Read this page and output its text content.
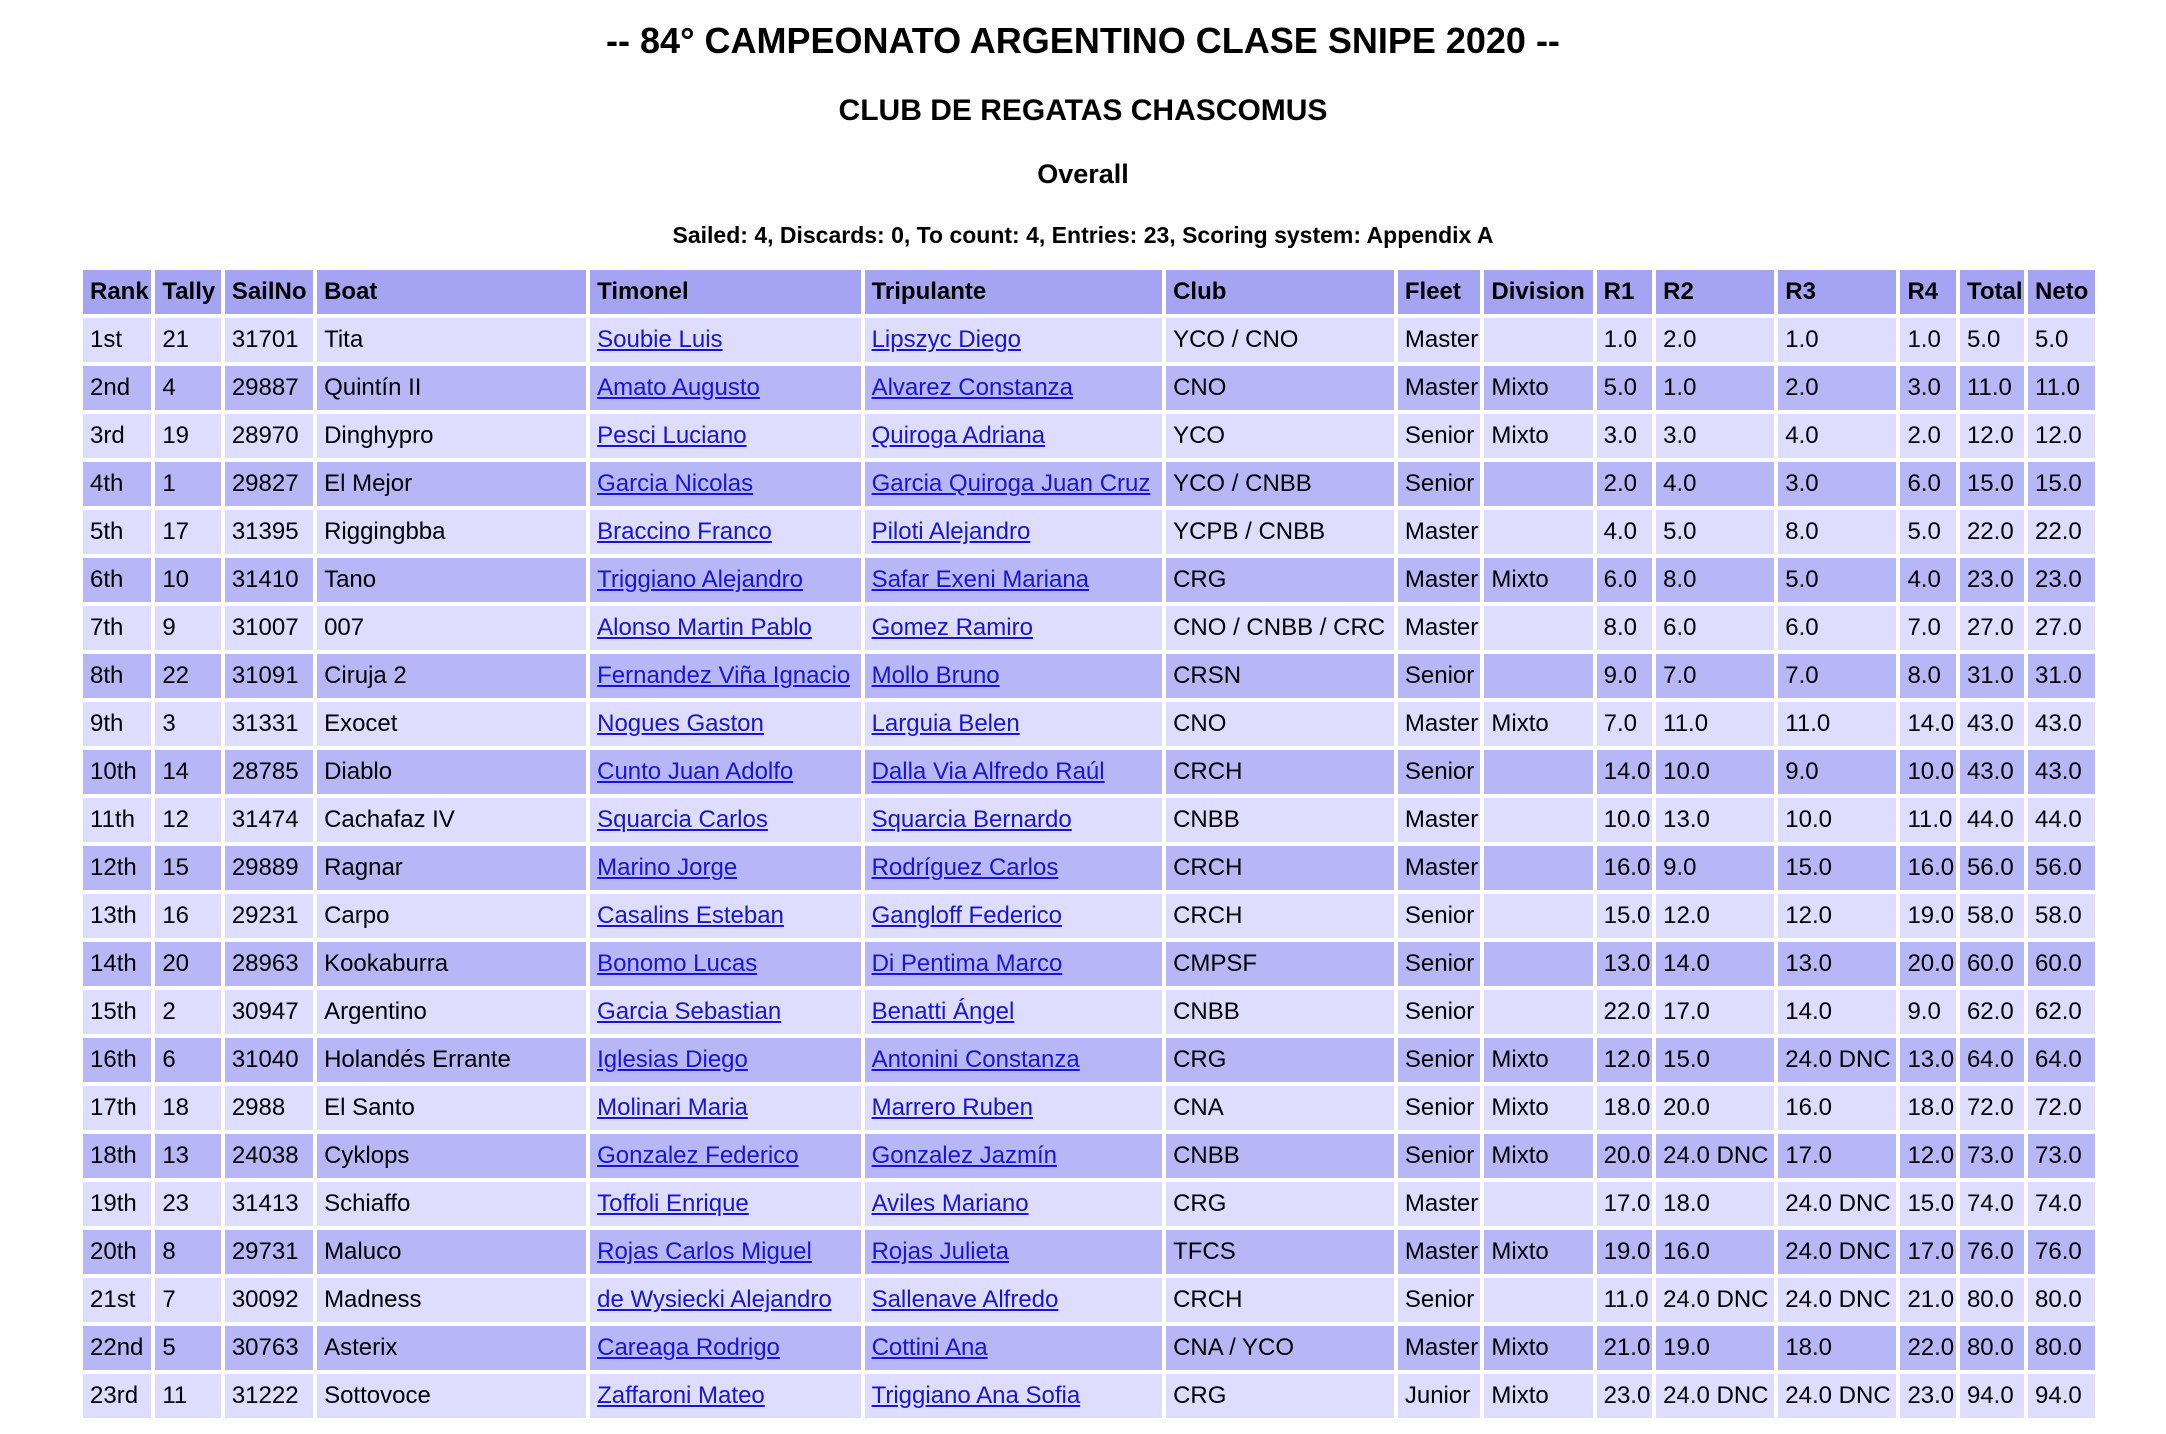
-- 84° CAMPEONATO ARGENTINO CLASE SNIPE 2020 --
CLUB DE REGATAS CHASCOMUS
Overall
Sailed: 4, Discards: 0, To count: 4, Entries: 23, Scoring system: Appendix A
Rank	Tally	SailNo	Boat	Timonel	Tripulante	Club	Fleet	Division	R1	R2	R3	R4	Total	Neto
1st	21	31701	Tita	Soubie Luis	Lipszyc Diego	YCO / CNO	Master		1.0	2.0	1.0	1.0	5.0	5.0
2nd	4	29887	Quintín II	Amato Augusto	Alvarez Constanza	CNO	Master	Mixto	5.0	1.0	2.0	3.0	11.0	11.0
3rd	19	28970	Dinghypro	Pesci Luciano	Quiroga Adriana	YCO	Senior	Mixto	3.0	3.0	4.0	2.0	12.0	12.0
4th	1	29827	El Mejor	Garcia Nicolas	Garcia Quiroga Juan Cruz	YCO / CNBB	Senior		2.0	4.0	3.0	6.0	15.0	15.0
5th	17	31395	Riggingbba	Braccino Franco	Piloti Alejandro	YCPB / CNBB	Master		4.0	5.0	8.0	5.0	22.0	22.0
6th	10	31410	Tano	Triggiano Alejandro	Safar Exeni Mariana	CRG	Master	Mixto	6.0	8.0	5.0	4.0	23.0	23.0
7th	9	31007	007	Alonso Martin Pablo	Gomez Ramiro	CNO / CNBB / CRC	Master		8.0	6.0	6.0	7.0	27.0	27.0
8th	22	31091	Ciruja 2	Fernandez Viña Ignacio	Mollo Bruno	CRSN	Senior		9.0	7.0	7.0	8.0	31.0	31.0
9th	3	31331	Exocet	Nogues Gaston	Larguia Belen	CNO	Master	Mixto	7.0	11.0	11.0	14.0	43.0	43.0
10th	14	28785	Diablo	Cunto Juan Adolfo	Dalla Via Alfredo Raúl	CRCH	Senior		14.0	10.0	9.0	10.0	43.0	43.0
11th	12	31474	Cachafaz IV	Squarcia Carlos	Squarcia Bernardo	CNBB	Master		10.0	13.0	10.0	11.0	44.0	44.0
12th	15	29889	Ragnar	Marino Jorge	Rodríguez Carlos	CRCH	Master		16.0	9.0	15.0	16.0	56.0	56.0
13th	16	29231	Carpo	Casalins Esteban	Gangloff Federico	CRCH	Senior		15.0	12.0	12.0	19.0	58.0	58.0
14th	20	28963	Kookaburra	Bonomo Lucas	Di Pentima Marco	CMPSF	Senior		13.0	14.0	13.0	20.0	60.0	60.0
15th	2	30947	Argentino	Garcia Sebastian	Benatti Ángel	CNBB	Senior		22.0	17.0	14.0	9.0	62.0	62.0
16th	6	31040	Holandés Errante	Iglesias Diego	Antonini Constanza	CRG	Senior	Mixto	12.0	15.0	24.0 DNC	13.0	64.0	64.0
17th	18	2988	El Santo	Molinari Maria	Marrero Ruben	CNA	Senior	Mixto	18.0	20.0	16.0	18.0	72.0	72.0
18th	13	24038	Cyklops	Gonzalez Federico	Gonzalez Jazmín	CNBB	Senior	Mixto	20.0	24.0 DNC	17.0	12.0	73.0	73.0
19th	23	31413	Schiaffo	Toffoli Enrique	Aviles Mariano	CRG	Master		17.0	18.0	24.0 DNC	15.0	74.0	74.0
20th	8	29731	Maluco	Rojas Carlos Miguel	Rojas Julieta	TFCS	Master	Mixto	19.0	16.0	24.0 DNC	17.0	76.0	76.0
21st	7	30092	Madness	de Wysiecki Alejandro	Sallenave Alfredo	CRCH	Senior		11.0	24.0 DNC	24.0 DNC	21.0	80.0	80.0
22nd	5	30763	Asterix	Careaga Rodrigo	Cottini Ana	CNA / YCO	Master	Mixto	21.0	19.0	18.0	22.0	80.0	80.0
23rd	11	31222	Sottovoce	Zaffaroni Mateo	Triggiano Ana Sofia	CRG	Junior	Mixto	23.0	24.0 DNC	24.0 DNC	23.0	94.0	94.0
